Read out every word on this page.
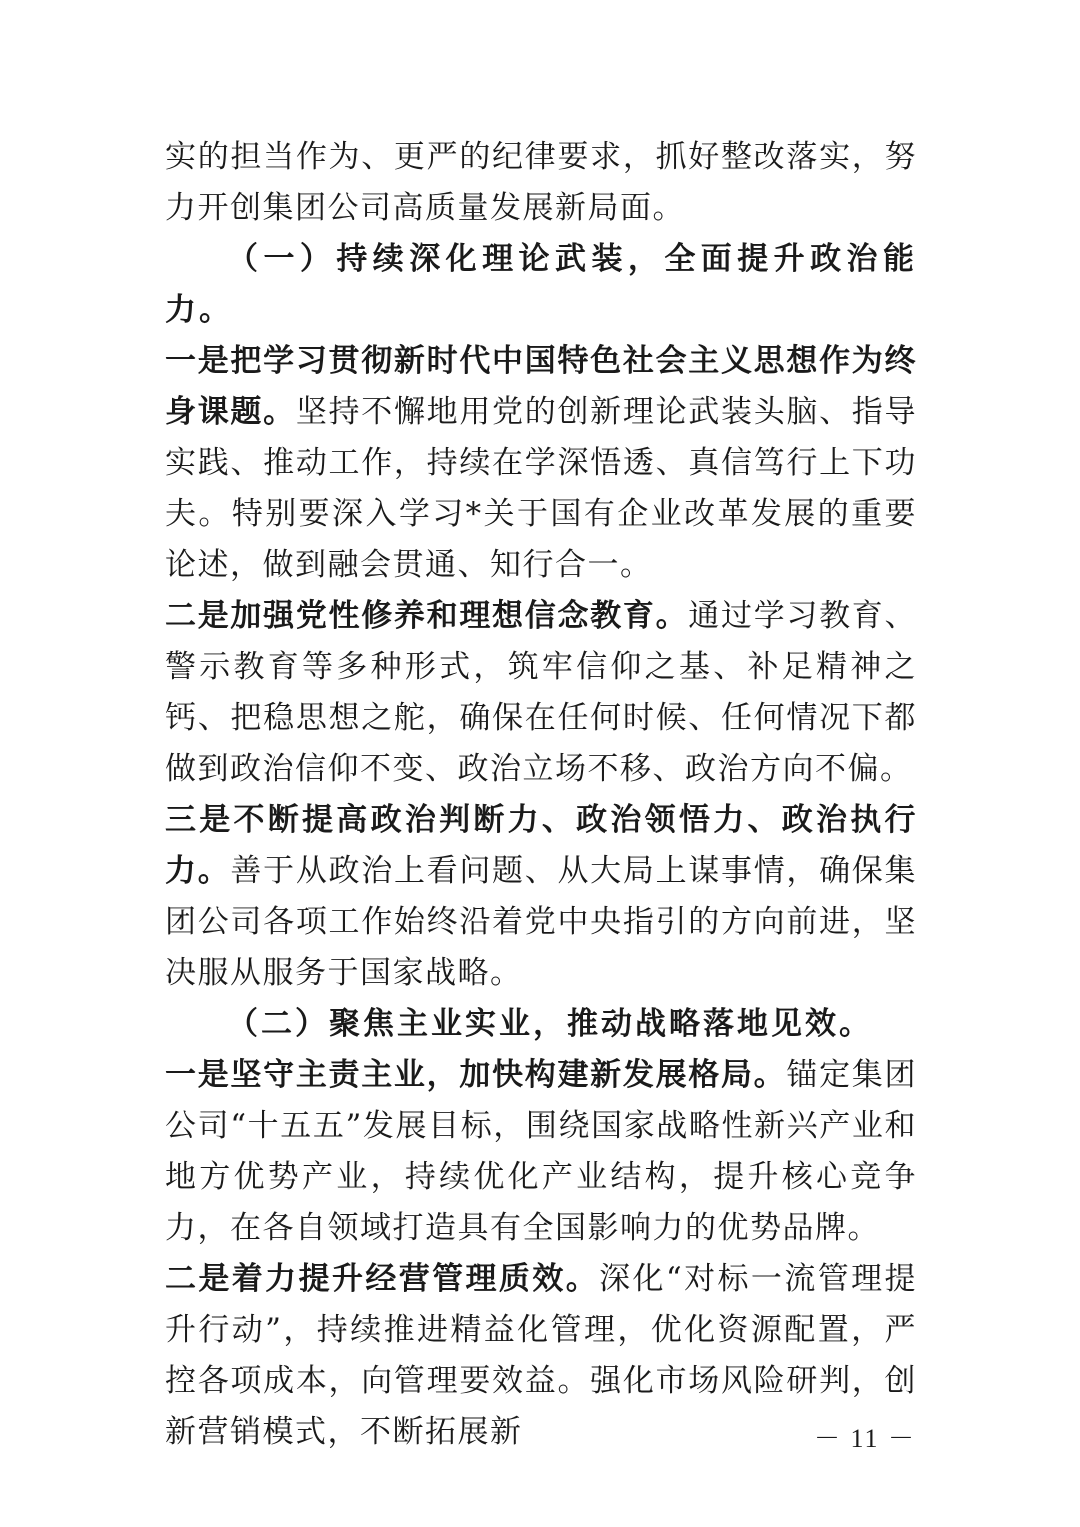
实的担当作为、更严的纪律要求，抓好整改落实，努力开创集团公司高质量发展新局面。

（一）持续深化理论武装，全面提升政治能力。

一是把学习贯彻新时代中国特色社会主义思想作为终身课题。坚持不懈地用党的创新理论武装头脑、指导实践、推动工作，持续在学深悟透、真信笃行上下功夫。特别要深入学习*关于国有企业改革发展的重要论述，做到融会贯通、知行合一。

二是加强党性修养和理想信念教育。通过学习教育、警示教育等多种形式，筑牢信仰之基、补足精神之钙、把稳思想之舵，确保在任何时候、任何情况下都做到政治信仰不变、政治立场不移、政治方向不偏。

三是不断提高政治判断力、政治领悟力、政治执行力。善于从政治上看问题、从大局上谋事情，确保集团公司各项工作始终沿着党中央指引的方向前进，坚决服从服务于国家战略。

（二）聚焦主业实业，推动战略落地见效。

一是坚守主责主业，加快构建新发展格局。锚定集团公司“十五五”发展目标，围绕国家战略性新兴产业和地方优势产业，持续优化产业结构，提升核心竞争力，在各自领域打造具有全国影响力的优势品牌。

二是着力提升经营管理质效。深化“对标一流管理提升行动”，持续推进精益化管理，优化资源配置，严控各项成本，向管理要效益。强化市场风险研判，创新营销模式，不断拓展新	－ 11 －
